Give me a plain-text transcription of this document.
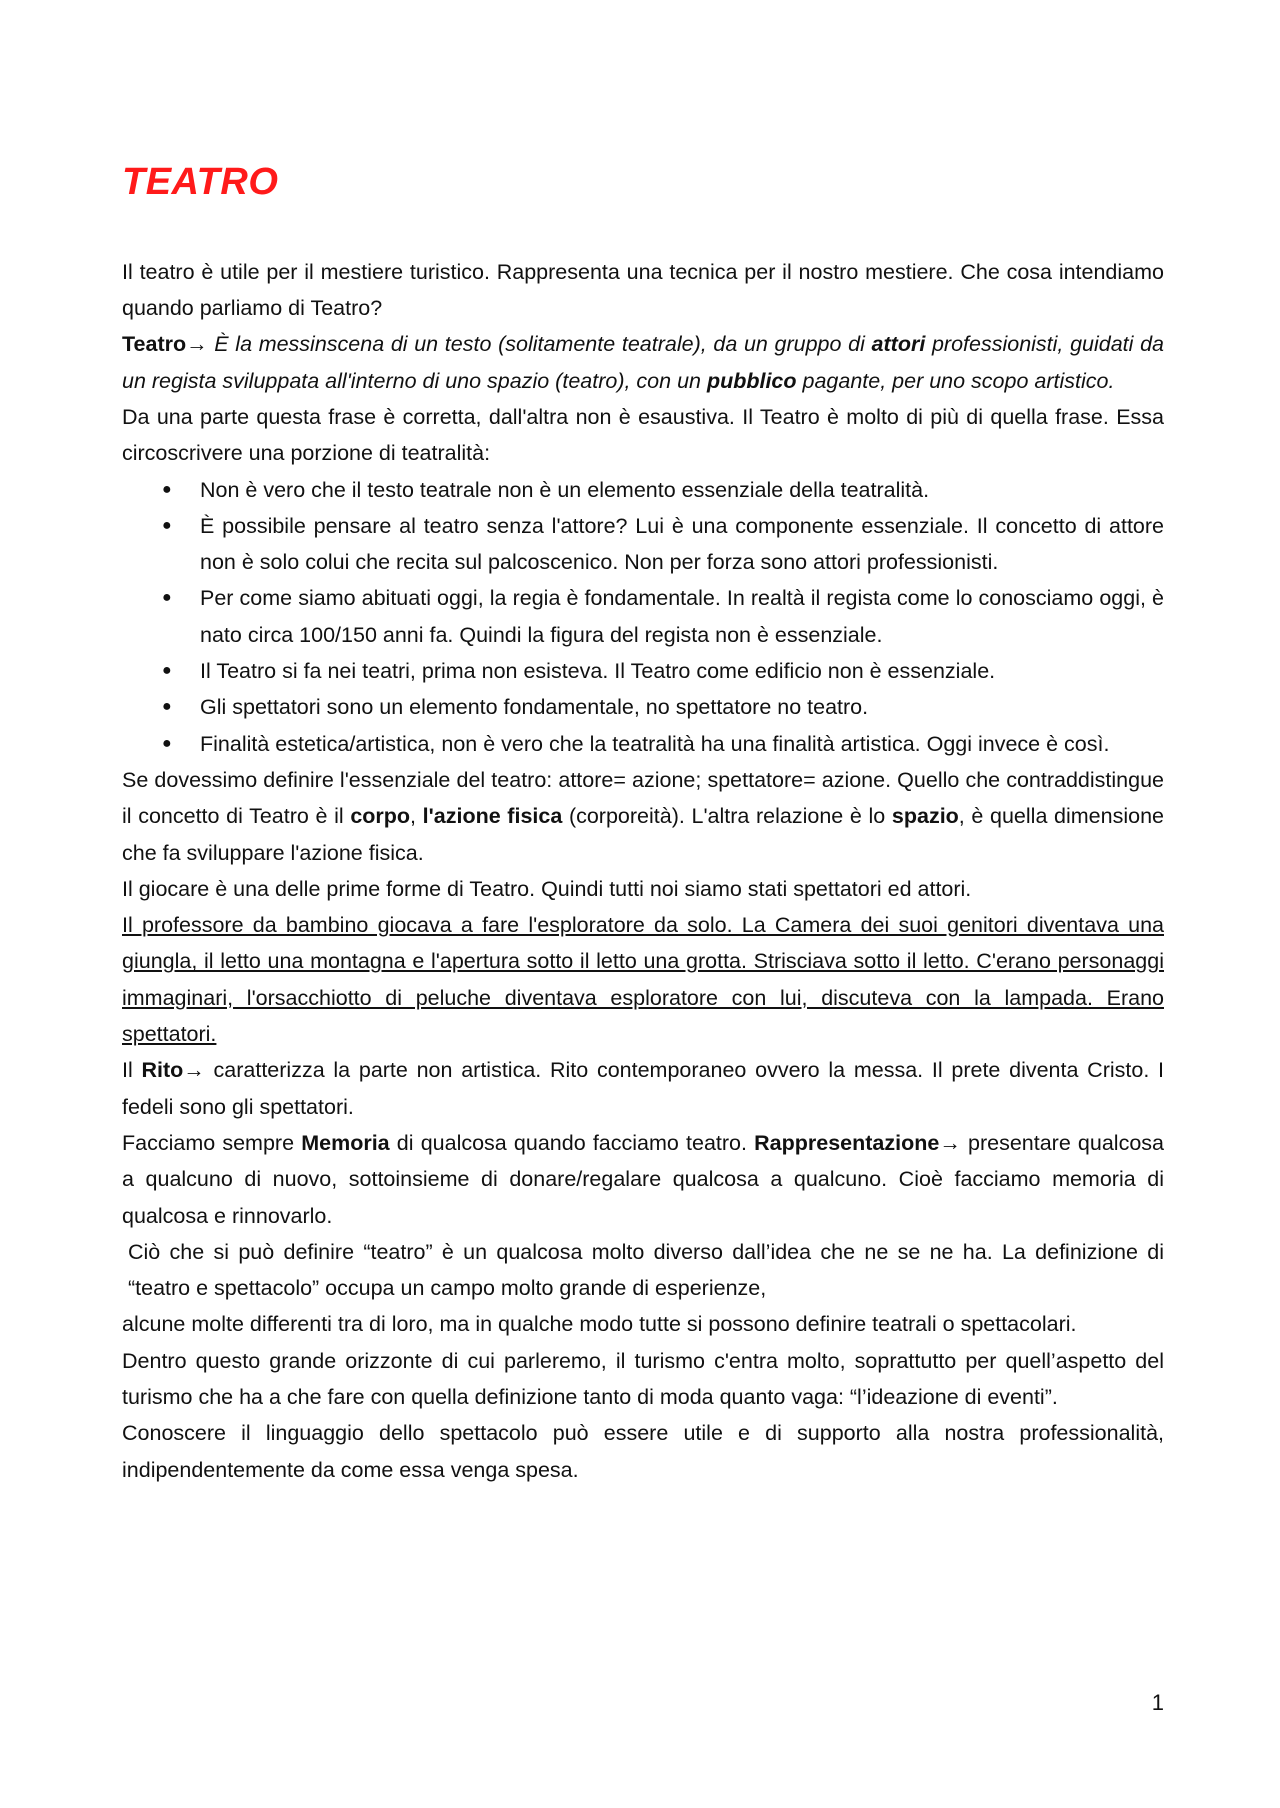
TEATRO

Il teatro è utile per il mestiere turistico. Rappresenta una tecnica per il nostro mestiere. Che cosa intendiamo quando parliamo di Teatro?

Teatro→ È la messinscena di un testo (solitamente teatrale), da un gruppo di attori professionisti, guidati da un regista sviluppata all'interno di uno spazio (teatro), con un pubblico pagante, per uno scopo artistico.

Da una parte questa frase è corretta, dall'altra non è esaustiva. Il Teatro è molto di più di quella frase. Essa circoscrivere una porzione di teatralità:

● Non è vero che il testo teatrale non è un elemento essenziale della teatralità.
● È possibile pensare al teatro senza l'attore? Lui è una componente essenziale. Il concetto di attore non è solo colui che recita sul palcoscenico. Non per forza sono attori professionisti.
● Per come siamo abituati oggi, la regia è fondamentale. In realtà il regista come lo conosciamo oggi, è nato circa 100/150 anni fa. Quindi la figura del regista non è essenziale.
● Il Teatro si fa nei teatri, prima non esisteva. Il Teatro come edificio non è essenziale.
● Gli spettatori sono un elemento fondamentale, no spettatore no teatro.
● Finalità estetica/artistica, non è vero che la teatralità ha una finalità artistica. Oggi invece è così.

Se dovessimo definire l'essenziale del teatro: attore= azione; spettatore= azione. Quello che contraddistingue il concetto di Teatro è il corpo, l'azione fisica (corporeità). L'altra relazione è lo spazio, è quella dimensione che fa sviluppare l'azione fisica.

Il giocare è una delle prime forme di Teatro. Quindi tutti noi siamo stati spettatori ed attori.

Il professore da bambino giocava a fare l'esploratore da solo. La Camera dei suoi genitori diventava una giungla, il letto una montagna e l'apertura sotto il letto una grotta. Strisciava sotto il letto. C'erano personaggi immaginari, l'orsacchiotto di peluche diventava esploratore con lui, discuteva con la lampada. Erano spettatori.

Il Rito→ caratterizza la parte non artistica. Rito contemporaneo ovvero la messa. Il prete diventa Cristo. I fedeli sono gli spettatori.

Facciamo sempre Memoria di qualcosa quando facciamo teatro. Rappresentazione→ presentare qualcosa a qualcuno di nuovo, sottoinsieme di donare/regalare qualcosa a qualcuno. Cioè facciamo memoria di qualcosa e rinnovarlo.

Ciò che si può definire “teatro” è un qualcosa molto diverso dall’idea che ne se ne ha. La definizione di “teatro e spettacolo” occupa un campo molto grande di esperienze,

alcune molte differenti tra di loro, ma in qualche modo tutte si possono definire teatrali o spettacolari.

Dentro questo grande orizzonte di cui parleremo, il turismo c'entra molto, soprattutto per quell’aspetto del turismo che ha a che fare con quella definizione tanto di moda quanto vaga: “l’ideazione di eventi”.

Conoscere il linguaggio dello spettacolo può essere utile e di supporto alla nostra professionalità, indipendentemente da come essa venga spesa.

1
